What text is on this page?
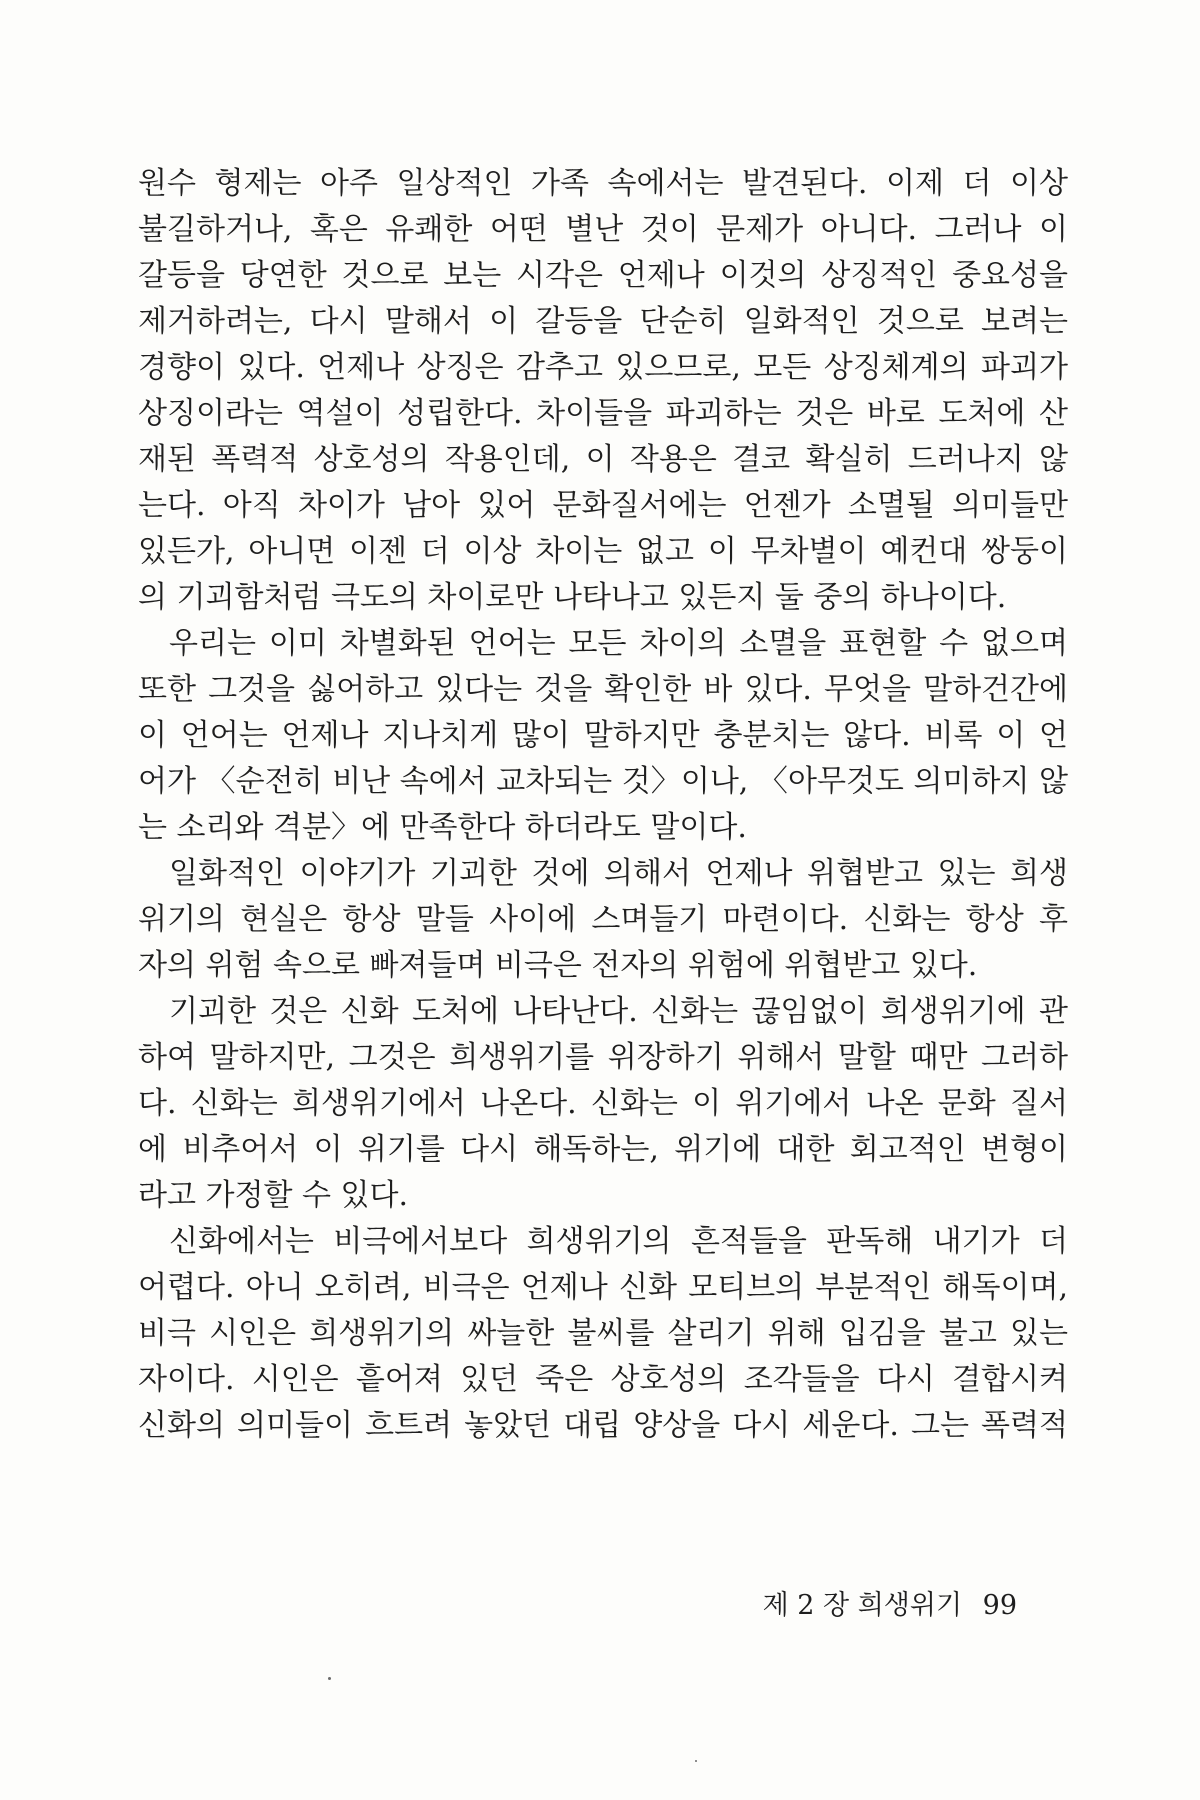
원수 형제는 아주 일상적인 가족 속에서는 발견된다. 이제 더 이상
불길하거나, 혹은 유쾌한 어떤 별난 것이 문제가 아니다. 그러나 이
갈등을 당연한 것으로 보는 시각은 언제나 이것의 상징적인 중요성을
제거하려는, 다시 말해서 이 갈등을 단순히 일화적인 것으로 보려는
경향이 있다. 언제나 상징은 감추고 있으므로, 모든 상징체계의 파괴가
상징이라는 역설이 성립한다. 차이들을 파괴하는 것은 바로 도처에 산
재된 폭력적 상호성의 작용인데, 이 작용은 결코 확실히 드러나지 않
는다. 아직 차이가 남아 있어 문화질서에는 언젠가 소멸될 의미들만
있든가, 아니면 이젠 더 이상 차이는 없고 이 무차별이 예컨대 쌍둥이
의 기괴함처럼 극도의 차이로만 나타나고 있든지 둘 중의 하나이다.
우리는 이미 차별화된 언어는 모든 차이의 소멸을 표현할 수 없으며
또한 그것을 싫어하고 있다는 것을 확인한 바 있다. 무엇을 말하건간에
이 언어는 언제나 지나치게 많이 말하지만 충분치는 않다. 비록 이 언
어가 〈순전히 비난 속에서 교차되는 것〉이나, 〈아무것도 의미하지 않
는 소리와 격분〉에 만족한다 하더라도 말이다.
일화적인 이야기가 기괴한 것에 의해서 언제나 위협받고 있는 희생
위기의 현실은 항상 말들 사이에 스며들기 마련이다. 신화는 항상 후
자의 위험 속으로 빠져들며 비극은 전자의 위험에 위협받고 있다.
기괴한 것은 신화 도처에 나타난다. 신화는 끊임없이 희생위기에 관
하여 말하지만, 그것은 희생위기를 위장하기 위해서 말할 때만 그러하
다. 신화는 희생위기에서 나온다. 신화는 이 위기에서 나온 문화 질서
에 비추어서 이 위기를 다시 해독하는, 위기에 대한 회고적인 변형이
라고 가정할 수 있다.
신화에서는 비극에서보다 희생위기의 흔적들을 판독해 내기가 더
어렵다. 아니 오히려, 비극은 언제나 신화 모티브의 부분적인 해독이며,
비극 시인은 희생위기의 싸늘한 불씨를 살리기 위해 입김을 불고 있는
자이다. 시인은 흩어져 있던 죽은 상호성의 조각들을 다시 결합시켜
신화의 의미들이 흐트려 놓았던 대립 양상을 다시 세운다. 그는 폭력적
제 2 장 희생위기 99
